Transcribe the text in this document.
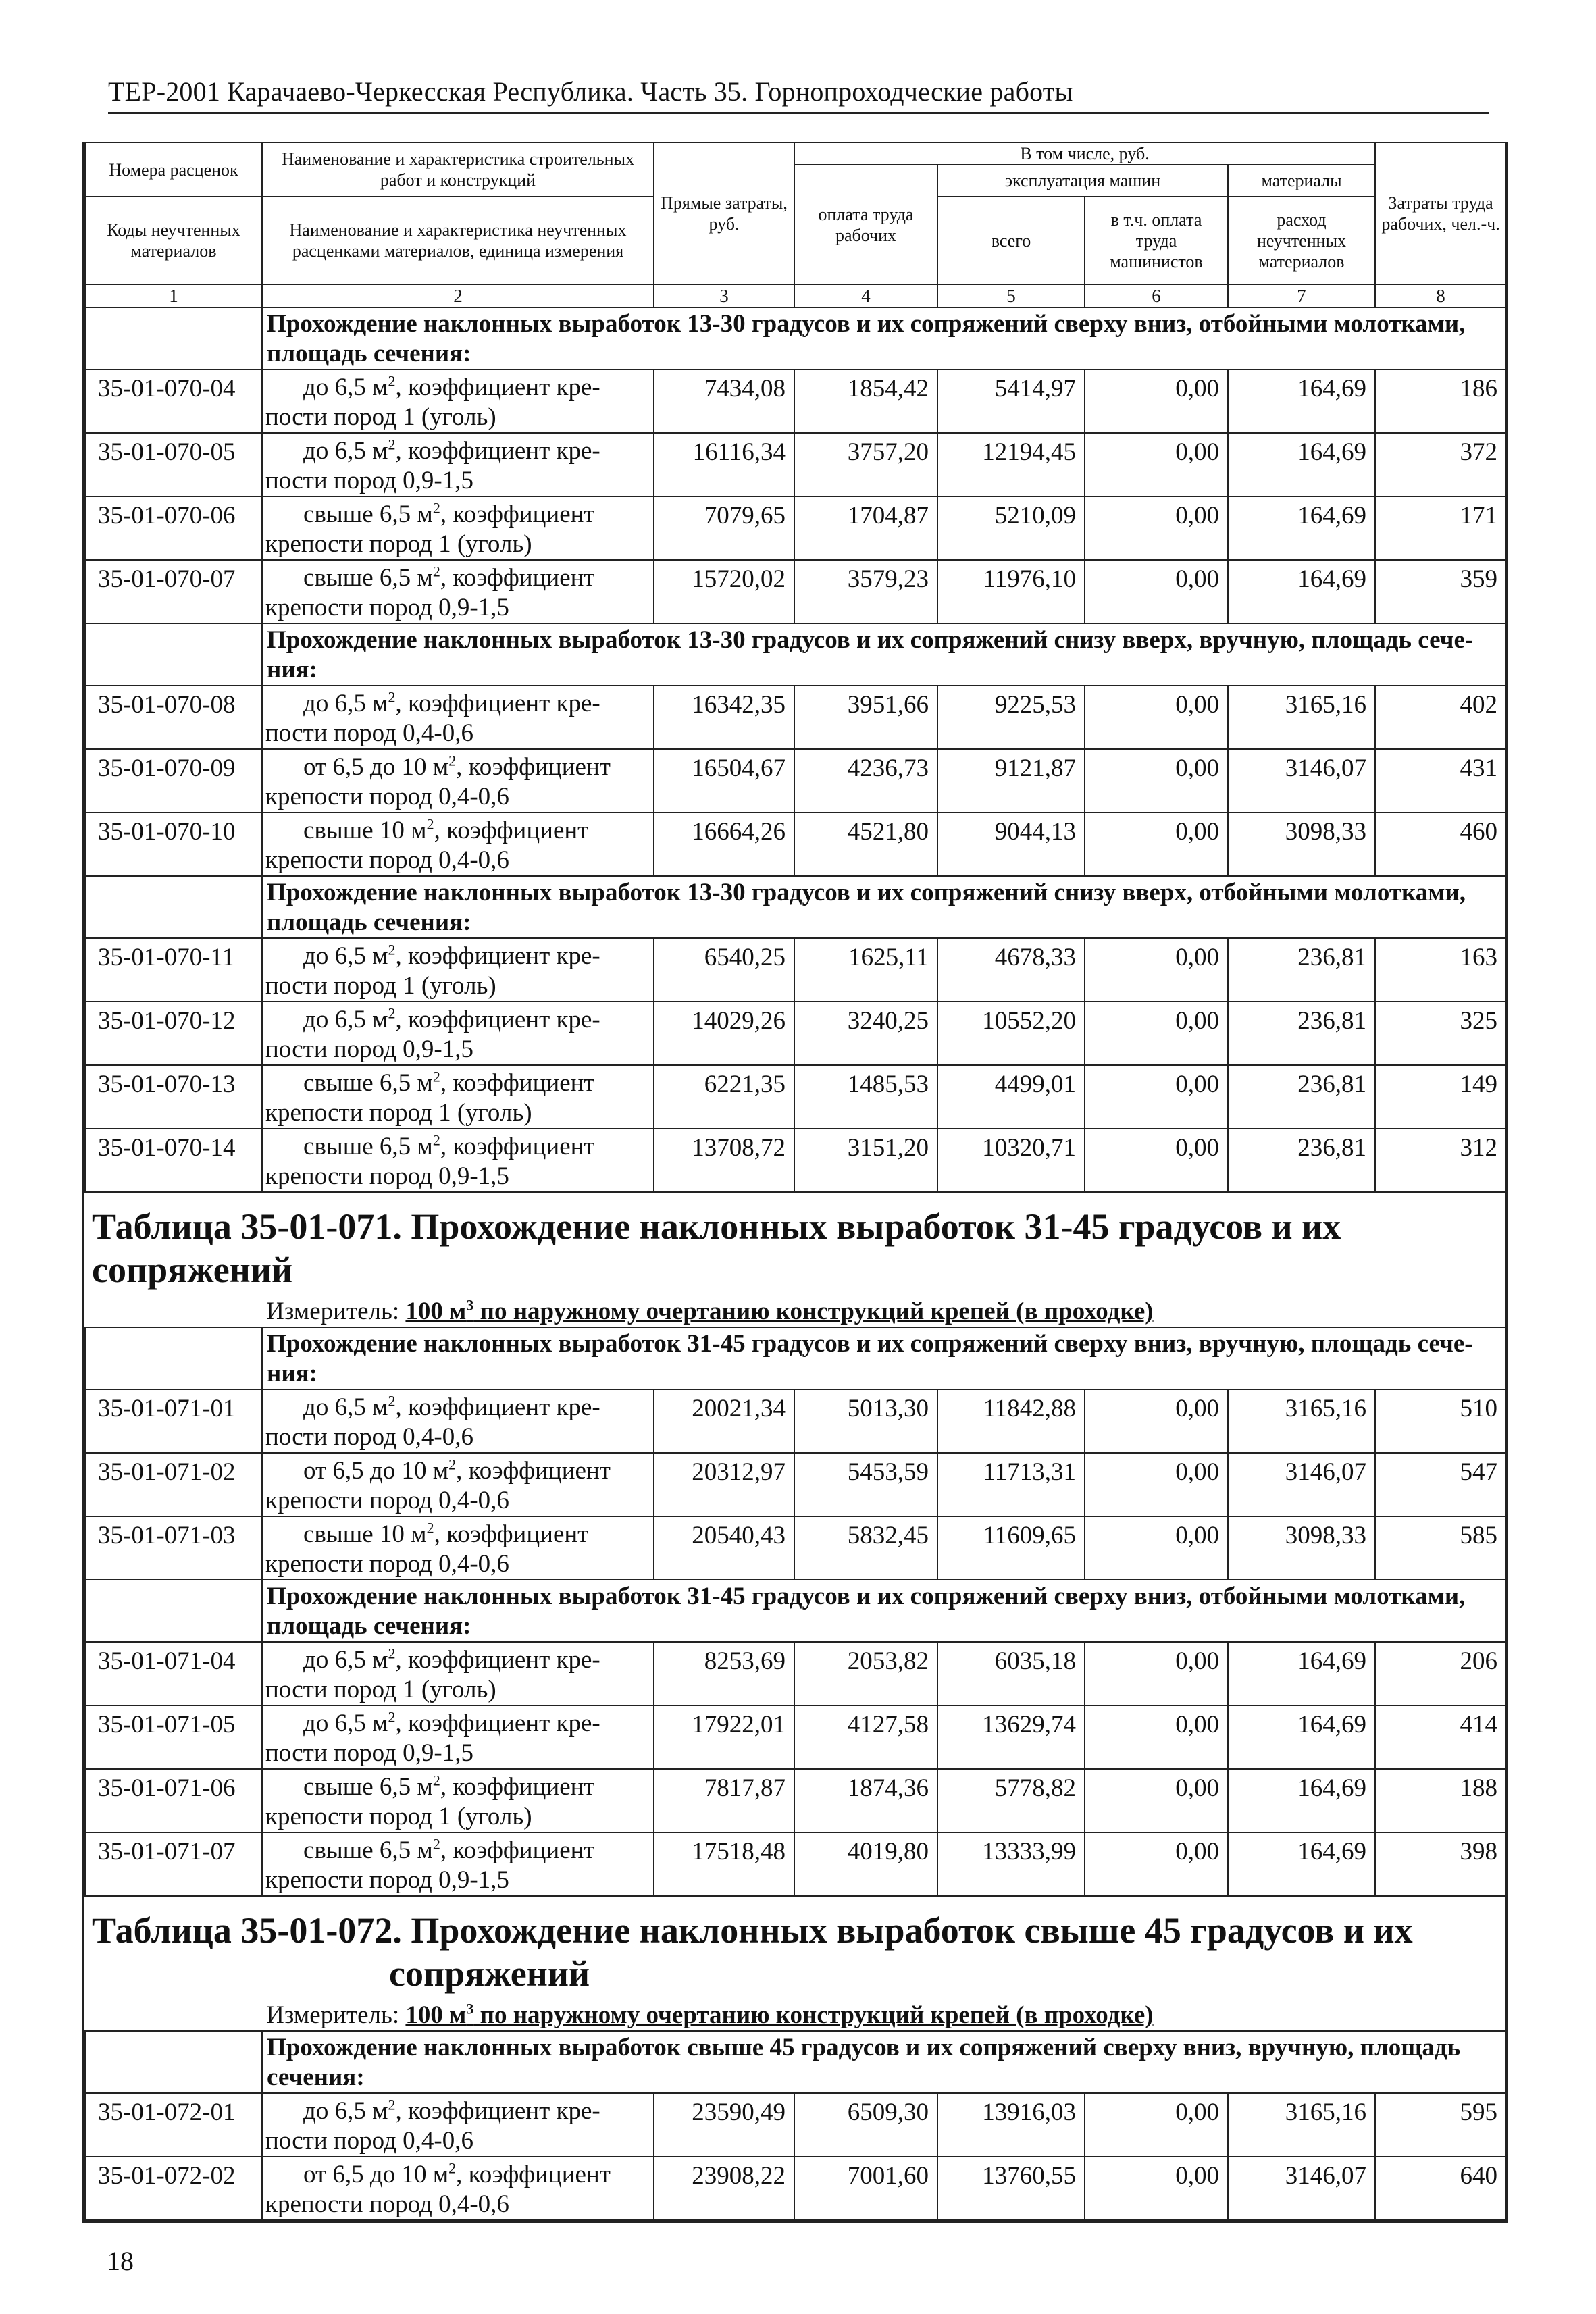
ТЕР-2001 Карачаево-Черкесская Республика. Часть 35. Горнопроходческие работы
Номера расценок	Наименование и характеристика строительных работ и конструкций	Прямые затраты, руб.	В том числе, руб.				Затраты труда рабочих, чел.-ч.
			оплата труда рабочих	эксплуатация машин		материалы	
Коды неучтенных материалов	Наименование и характеристика неучтенных расценками материалов, единица измерения			всего	в т.ч. оплата труда машинистов	расход неучтенных материалов	

1	2	3	4	5	6	7	8
	Прохождение наклонных выработок 13-30 градусов и их сопряжений сверху вниз, отбойными молотками, площадь сечения:						
35-01-070-04	до 6,5 $м^2$, коэффициент кре-
пости пород 1 (уголь)	7434,08	1854,42	5414,97	0,00	164,69	186
35-01-070-05	до 6,5 $м^2$, коэффициент кре-
пости пород 0,9-1,5	16116,34	3757,20	12194,45	0,00	164,69	372
35-01-070-06	свыше 6,5 $м^2$, коэффициент
крепости пород 1 (уголь)	7079,65	1704,87	5210,09	0,00	164,69	171
35-01-070-07	свыше 6,5 $м^2$, коэффициент
крепости пород 0,9-1,5	15720,02	3579,23	11976,10	0,00	164,69	359
	Прохождение наклонных выработок 13-30 градусов и их сопряжений снизу вверх, вручную, площадь сече-ния:						
35-01-070-08	до 6,5 $м^2$, коэффициент кре-
пости пород 0,4-0,6	16342,35	3951,66	9225,53	0,00	3165,16	402
35-01-070-09	от 6,5 до 10 $м^2$, коэффициент
крепости пород 0,4-0,6	16504,67	4236,73	9121,87	0,00	3146,07	431
35-01-070-10	свыше 10 $м^2$, коэффициент
крепости пород 0,4-0,6	16664,26	4521,80	9044,13	0,00	3098,33	460
	Прохождение наклонных выработок 13-30 градусов и их сопряжений снизу вверх, отбойными молотками, площадь сечения:						
35-01-070-11	до 6,5 $м^2$, коэффициент кре-
пости пород 1 (уголь)	6540,25	1625,11	4678,33	0,00	236,81	163
35-01-070-12	до 6,5 $м^2$, коэффициент кре-
пости пород 0,9-1,5	14029,26	3240,25	10552,20	0,00	236,81	325
35-01-070-13	свыше 6,5 $м^2$, коэффициент
крепости пород 1 (уголь)	6221,35	1485,53	4499,01	0,00	236,81	149
35-01-070-14	свыше 6,5 $м^2$, коэффициент
крепости пород 0,9-1,5	13708,72	3151,20	10320,71	0,00	236,81	312

Таблица 35-01-071. Прохождение наклонных выработок 31-45 градусов и их сопряжений
Измеритель: 100 $м^3$ по наружному очертанию конструкций крепей (в проходке)							

	Прохождение наклонных выработок 31-45 градусов и их сопряжений сверху вниз, вручную, площадь сече-ния:						
35-01-071-01	до 6,5 $м^2$, коэффициент кре-
пости пород 0,4-0,6	20021,34	5013,30	11842,88	0,00	3165,16	510
35-01-071-02	от 6,5 до 10 $м^2$, коэффициент
крепости пород 0,4-0,6	20312,97	5453,59	11713,31	0,00	3146,07	547
35-01-071-03	свыше 10 $м^2$, коэффициент
крепости пород 0,4-0,6	20540,43	5832,45	11609,65	0,00	3098,33	585
	Прохождение наклонных выработок 31-45 градусов и их сопряжений сверху вниз, отбойными молотками, площадь сечения:						
35-01-071-04	до 6,5 $м^2$, коэффициент кре-
пости пород 1 (уголь)	8253,69	2053,82	6035,18	0,00	164,69	206
35-01-071-05	до 6,5 $м^2$, коэффициент кре-
пости пород 0,9-1,5	17922,01	4127,58	13629,74	0,00	164,69	414
35-01-071-06	свыше 6,5 $м^2$, коэффициент
крепости пород 1 (уголь)	7817,87	1874,36	5778,82	0,00	164,69	188
35-01-071-07	свыше 6,5 $м^2$, коэффициент
крепости пород 0,9-1,5	17518,48	4019,80	13333,99	0,00	164,69	398

Таблица 35-01-072. Прохождение наклонных выработок свыше 45 градусов и их
сопряжений
Измеритель: 100 $м^3$ по наружному очертанию конструкций крепей (в проходке)							

	Прохождение наклонных выработок свыше 45 градусов и их сопряжений сверху вниз, вручную, площадь сечения:						
35-01-072-01	до 6,5 $м^2$, коэффициент кре-
пости пород 0,4-0,6	23590,49	6509,30	13916,03	0,00	3165,16	595
35-01-072-02	от 6,5 до 10 $м^2$, коэффициент
крепости пород 0,4-0,6	23908,22	7001,60	13760,55	0,00	3146,07	640
18
